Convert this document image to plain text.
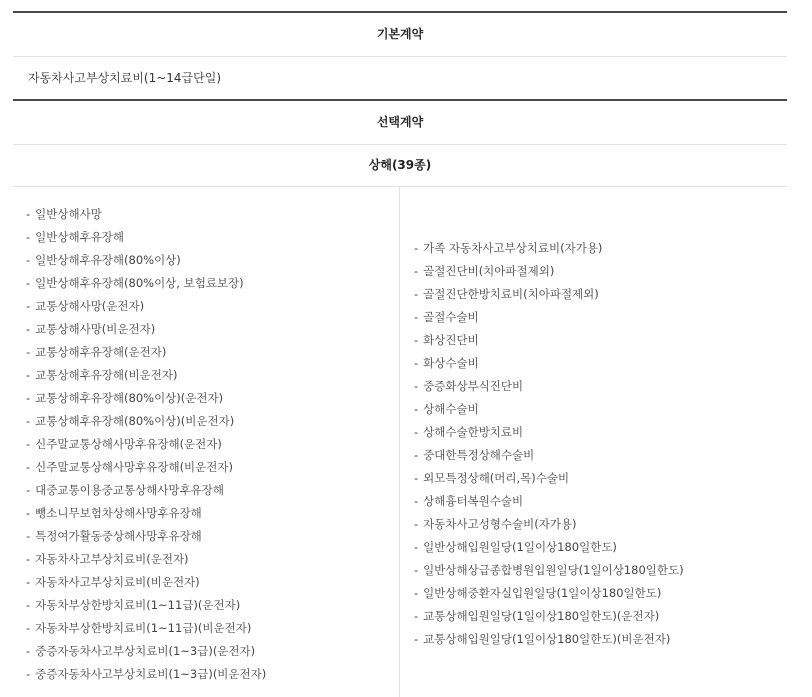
기본계약
자동차사고부상치료비(1~14급단일)
선택계약
상해(39종)
- 일반상해사망
- 일반상해후유장해
- 일반상해후유장해(80%이상)
- 일반상해후유장해(80%이상, 보험료보장)
- 교통상해사망(운전자)
- 교통상해사망(비운전자)
- 교통상해후유장해(운전자)
- 교통상해후유장해(비운전자)
- 교통상해후유장해(80%이상)(운전자)
- 교통상해후유장해(80%이상)(비운전자)
- 신주말교통상해사망후유장해(운전자)
- 신주말교통상해사망후유장해(비운전자)
- 대중교통이용중교통상해사망후유장해
- 뺑소니무보험차상해사망후유장해
- 특정여가활동중상해사망후유장해
- 자동차사고부상치료비(운전자)
- 자동차사고부상치료비(비운전자)
- 자동차부상한방치료비(1~11급)(운전자)
- 자동차부상한방치료비(1~11급)(비운전자)
- 중증자동차사고부상치료비(1~3급)(운전자)
- 중증자동차사고부상치료비(1~3급)(비운전자)
- 가족 자동차사고부상치료비(자가용)
- 골절진단비(치아파절제외)
- 골절진단한방치료비(치아파절제외)
- 골절수술비
- 화상진단비
- 화상수술비
- 중증화상부식진단비
- 상해수술비
- 상해수술한방치료비
- 중대한특정상해수술비
- 외모특정상해(머리,목)수술비
- 상해흉터복원수술비
- 자동차사고성형수술비(자가용)
- 일반상해입원일당(1일이상180일한도)
- 일반상해상급종합병원입원일당(1일이상180일한도)
- 일반상해중환자실입원일당(1일이상180일한도)
- 교통상해입원일당(1일이상180일한도)(운전자)
- 교통상해입원일당(1일이상180일한도)(비운전자)
